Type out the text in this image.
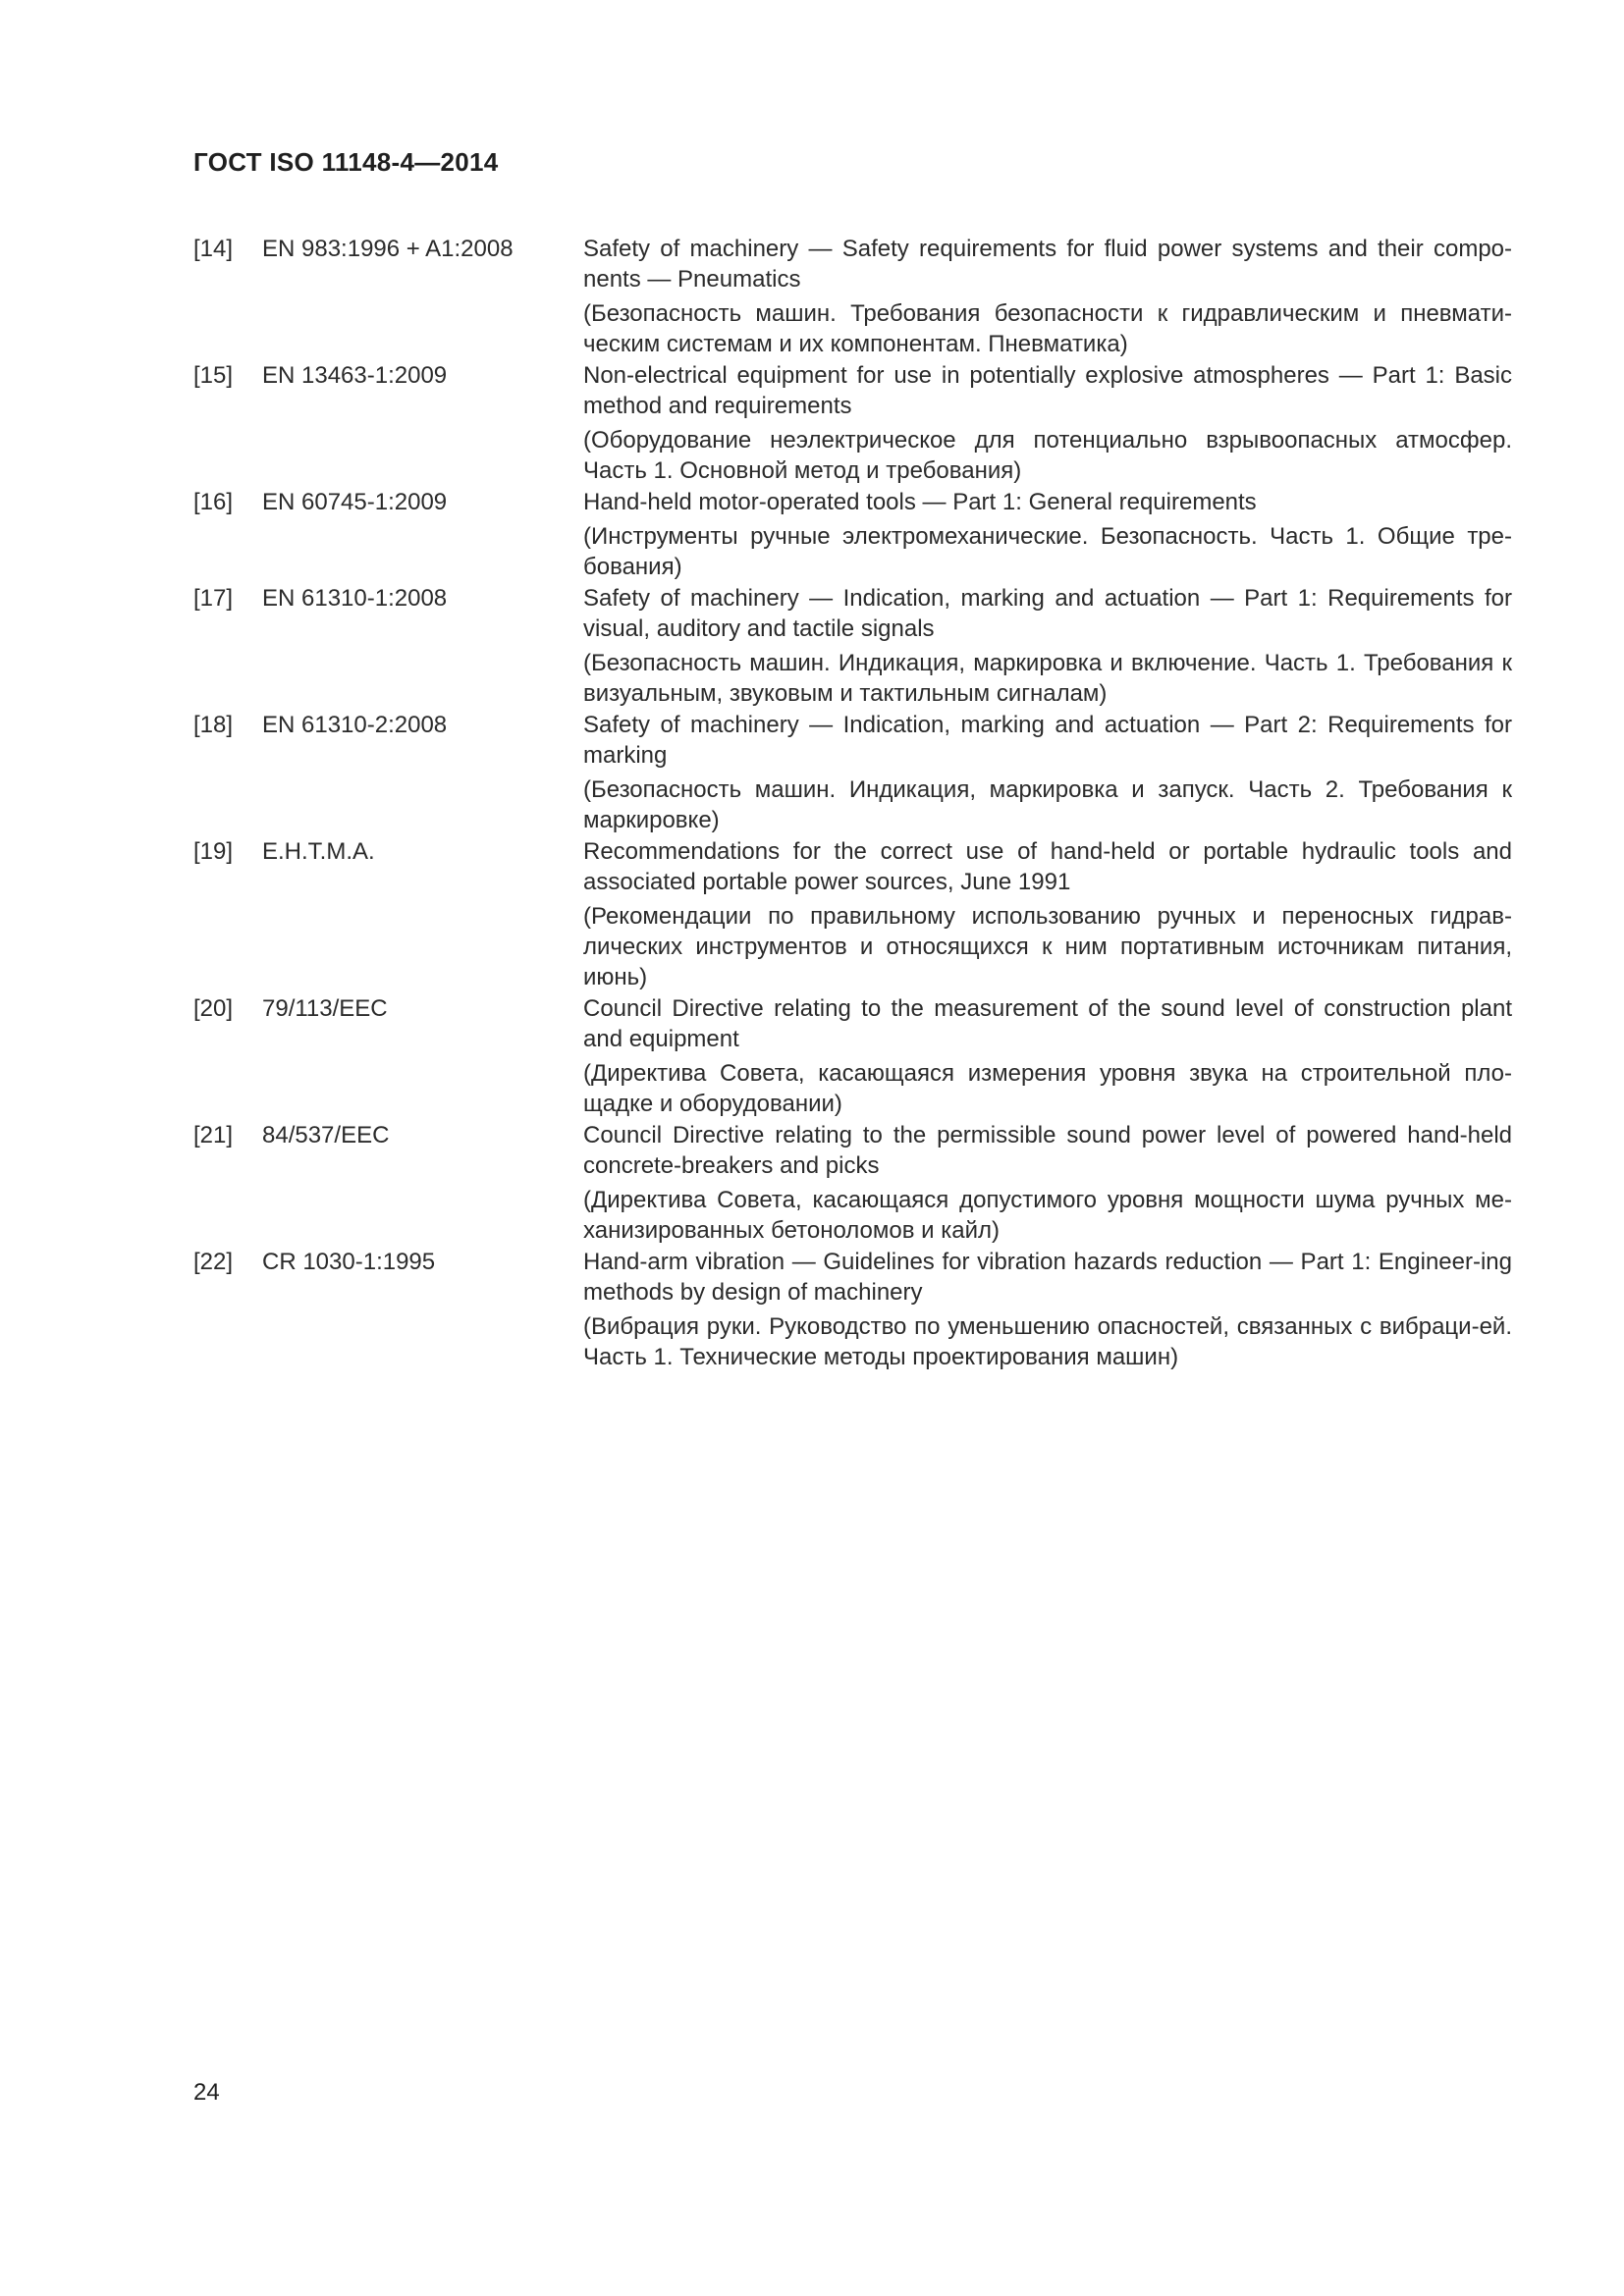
ГОСТ ISO 11148-4—2014
[14] EN 983:1996 + A1:2008	Safety of machinery — Safety requirements for fluid power systems and their compo-nents — Pneumatics
(Безопасность машин. Требования безопасности к гидравлическим и пневмати-ческим системам и их компонентам. Пневматика)
[15] EN 13463-1:2009	Non-electrical equipment for use in potentially explosive atmospheres — Part 1: Basic method and requirements
(Оборудование неэлектрическое для потенциально взрывоопасных атмосфер. Часть 1. Основной метод и требования)
[16] EN 60745-1:2009	Hand-held motor-operated tools — Part 1: General requirements
(Инструменты ручные электромеханические. Безопасность. Часть 1. Общие тре-бования)
[17] EN 61310-1:2008	Safety of machinery — Indication, marking and actuation — Part 1: Requirements for visual, auditory and tactile signals
(Безопасность машин. Индикация, маркировка и включение. Часть 1. Требования к визуальным, звуковым и тактильным сигналам)
[18] EN 61310-2:2008	Safety of machinery — Indication, marking and actuation — Part 2: Requirements for marking
(Безопасность машин. Индикация, маркировка и запуск. Часть 2. Требования к маркировке)
[19] E.H.T.M.A.	Recommendations for the correct use of hand-held or portable hydraulic tools and associated portable power sources, June 1991
(Рекомендации по правильному использованию ручных и переносных гидрав-лических инструментов и относящихся к ним портативным источникам питания, июнь)
[20] 79/113/EEC	Council Directive relating to the measurement of the sound level of construction plant and equipment
(Директива Совета, касающаяся измерения уровня звука на строительной пло-щадке и оборудовании)
[21] 84/537/EEC	Council Directive relating to the permissible sound power level of powered hand-held concrete-breakers and picks
(Директива Совета, касающаяся допустимого уровня мощности шума ручных ме-ханизированных бетоноломов и кайл)
[22] CR 1030-1:1995	Hand-arm vibration — Guidelines for vibration hazards reduction — Part 1: Engineer-ing methods by design of machinery
(Вибрация руки. Руководство по уменьшению опасностей, связанных с вибраци-ей. Часть 1. Технические методы проектирования машин)
24
